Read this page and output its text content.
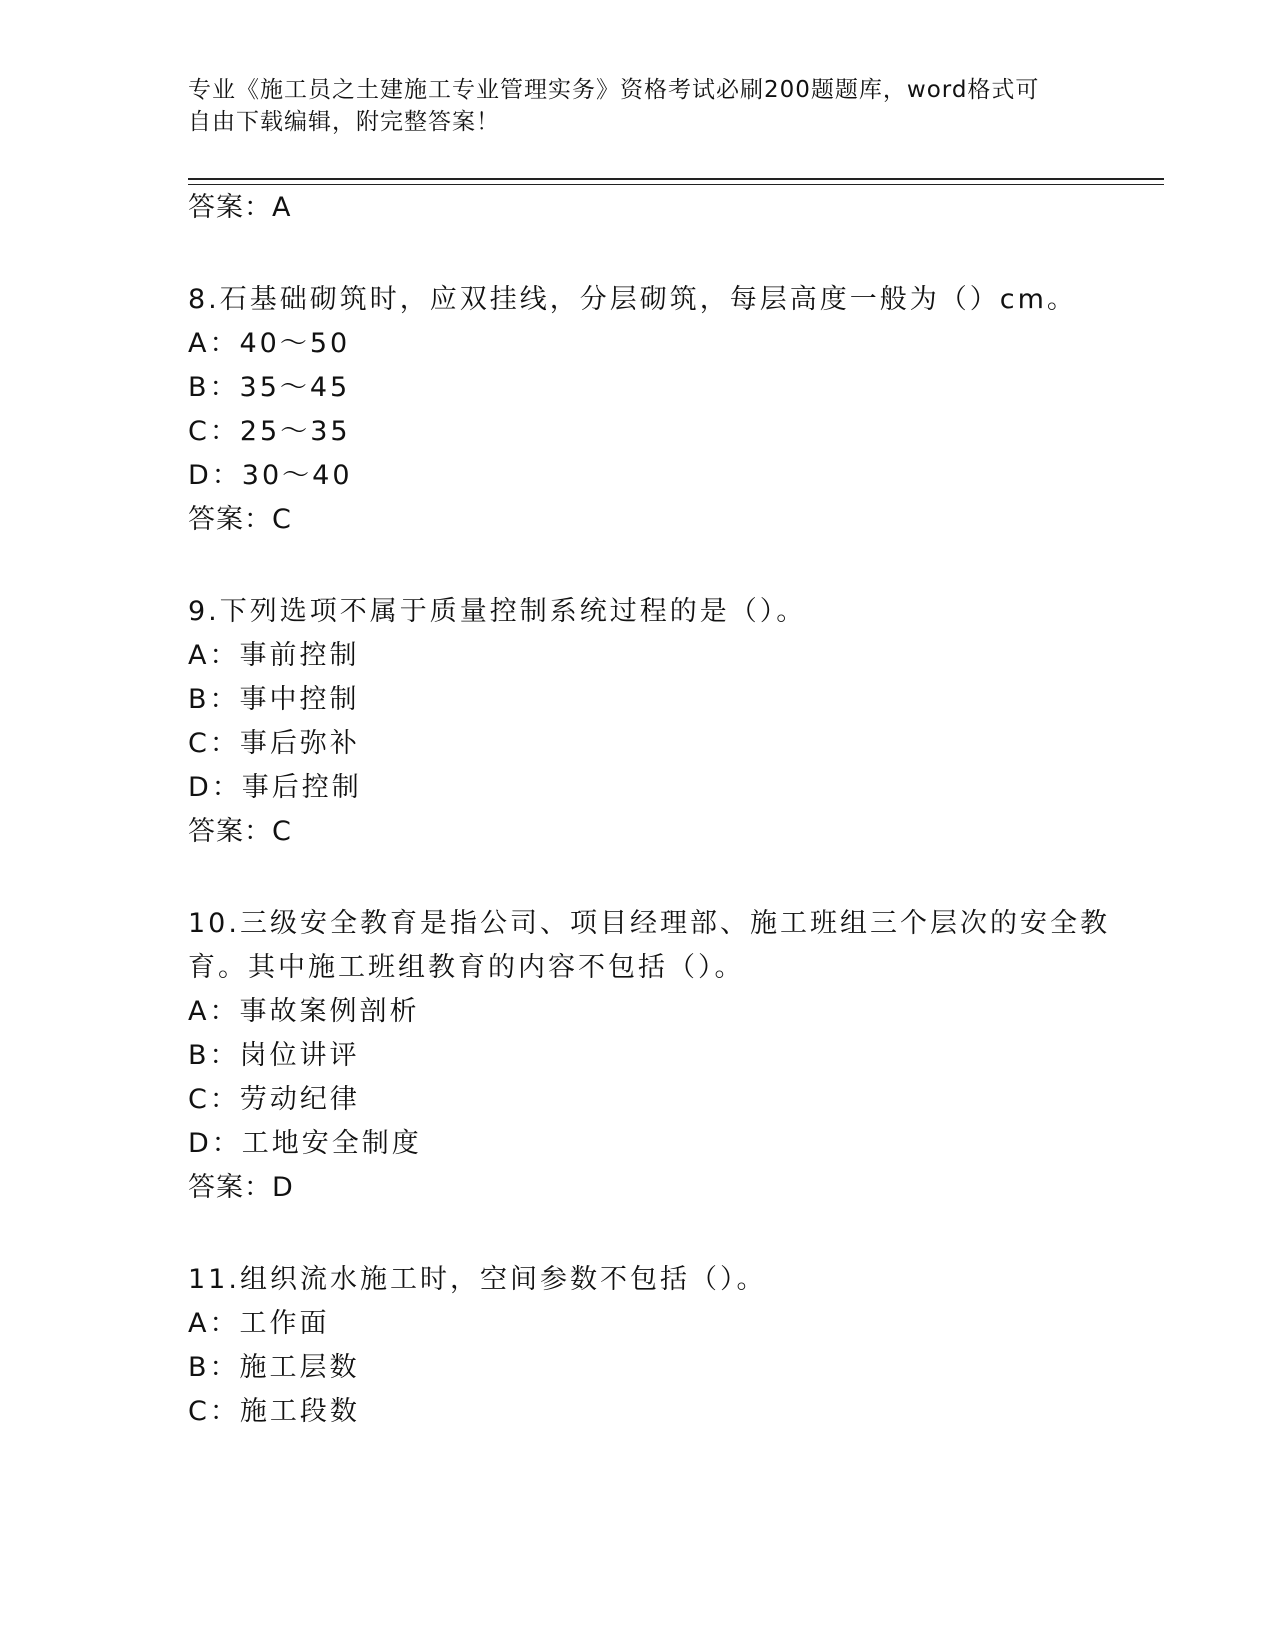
专业《施工员之土建施工专业管理实务》资格考试必刷200题题库，word格式可
自由下载编辑，附完整答案！
答案：A
8.石基础砌筑时，应双挂线，分层砌筑，每层高度一般为（）cm。
A：40～50
B：35～45
C：25～35
D：30～40
答案：C
9.下列选项不属于质量控制系统过程的是（）。
A：事前控制
B：事中控制
C：事后弥补
D：事后控制
答案：C
10.三级安全教育是指公司、项目经理部、施工班组三个层次的安全教
育。其中施工班组教育的内容不包括（）。
A：事故案例剖析
B：岗位讲评
C：劳动纪律
D：工地安全制度
答案：D
11.组织流水施工时，空间参数不包括（）。
A：工作面
B：施工层数
C：施工段数
